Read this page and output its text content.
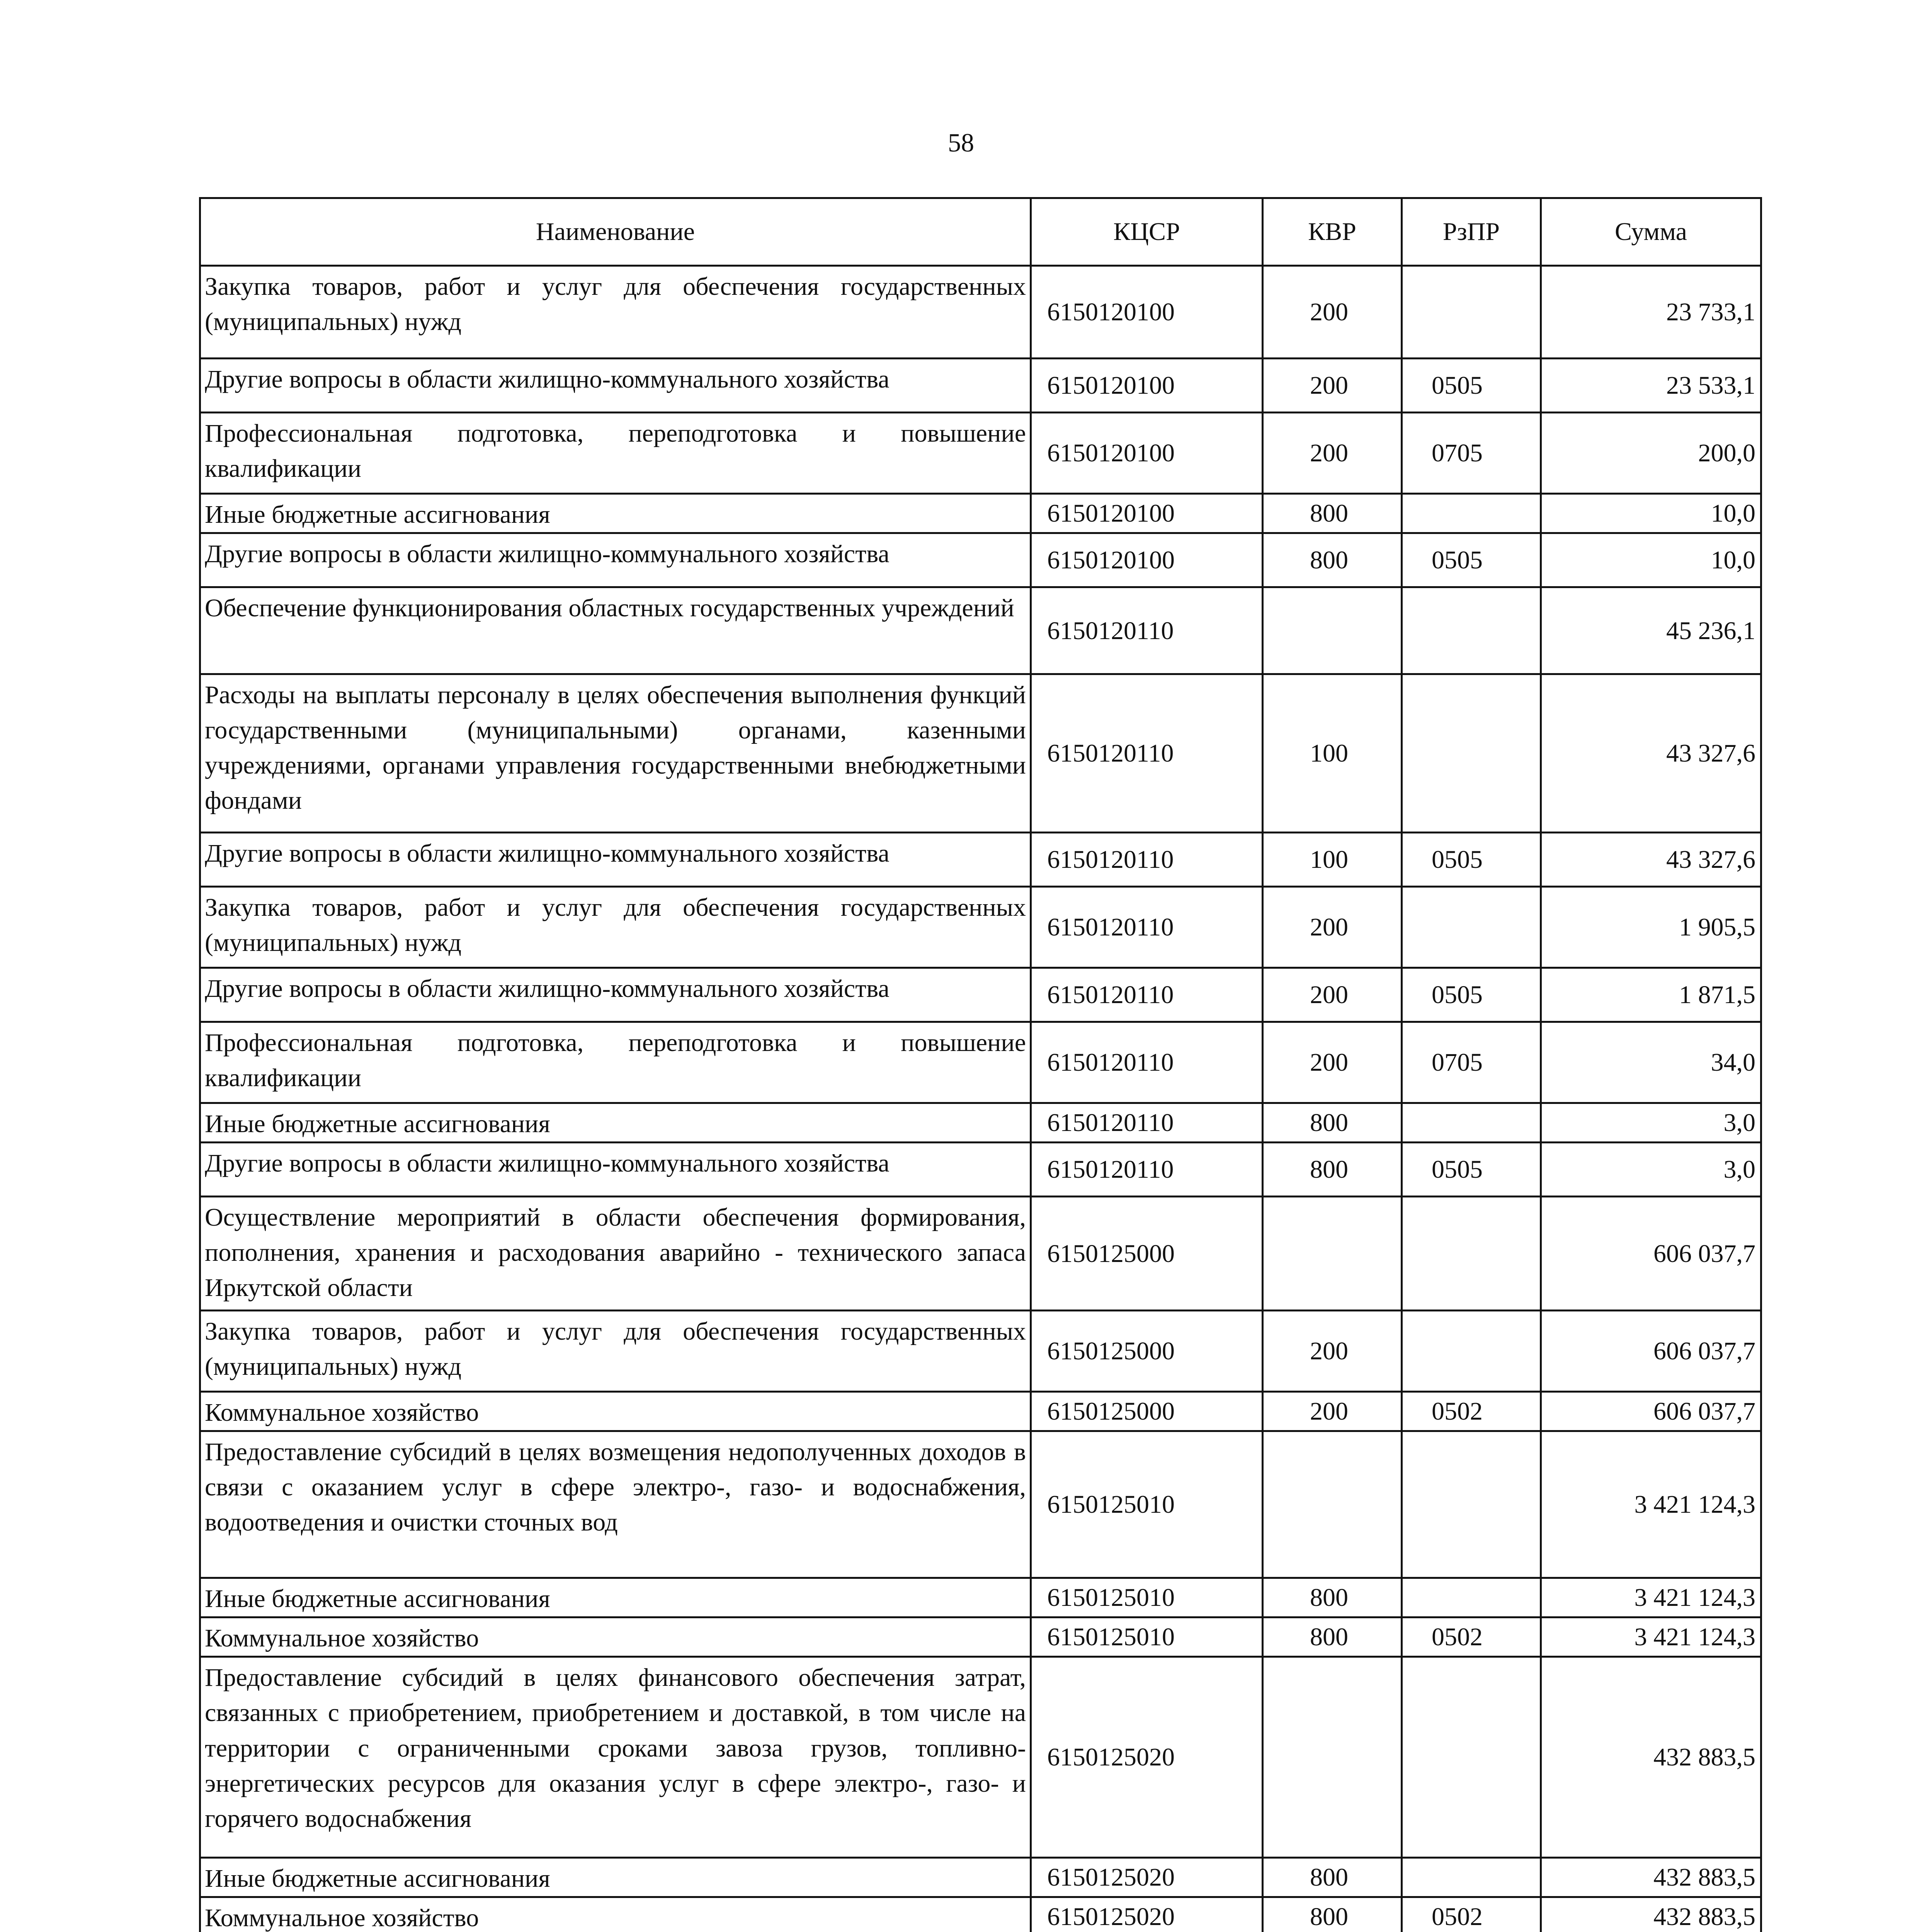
58
Наименование	КЦСР	КВР	РзПР	Сумма
Закупка товаров, работ и услуг для обеспечения государственных (муниципальных) нужд	6150120100	200		23 733,1
Другие вопросы в области жилищно-коммунального хозяйства	6150120100	200	0505	23 533,1
Профессиональная подготовка, переподготовка и повышение квалификации	6150120100	200	0705	200,0
Иные бюджетные ассигнования	6150120100	800		10,0
Другие вопросы в области жилищно-коммунального хозяйства	6150120100	800	0505	10,0
Обеспечение функционирования областных государственных учреждений	6150120110			45 236,1
Расходы на выплаты персоналу в целях обеспечения выполнения функций государственными (муниципальными) органами, казенными учреждениями, органами управления государственными внебюджетными фондами	6150120110	100		43 327,6
Другие вопросы в области жилищно-коммунального хозяйства	6150120110	100	0505	43 327,6
Закупка товаров, работ и услуг для обеспечения государственных (муниципальных) нужд	6150120110	200		1 905,5
Другие вопросы в области жилищно-коммунального хозяйства	6150120110	200	0505	1 871,5
Профессиональная подготовка, переподготовка и повышение квалификации	6150120110	200	0705	34,0
Иные бюджетные ассигнования	6150120110	800		3,0
Другие вопросы в области жилищно-коммунального хозяйства	6150120110	800	0505	3,0
Осуществление мероприятий в области обеспечения формирования, пополнения, хранения и расходования аварийно - технического запаса Иркутской области	6150125000			606 037,7
Закупка товаров, работ и услуг для обеспечения государственных (муниципальных) нужд	6150125000	200		606 037,7
Коммунальное хозяйство	6150125000	200	0502	606 037,7
Предоставление субсидий в целях возмещения недополученных доходов в связи с оказанием услуг в сфере электро-, газо- и водоснабжения, водоотведения и очистки сточных вод	6150125010			3 421 124,3
Иные бюджетные ассигнования	6150125010	800		3 421 124,3
Коммунальное хозяйство	6150125010	800	0502	3 421 124,3
Предоставление субсидий в целях финансового обеспечения затрат, связанных с приобретением, приобретением и доставкой, в том числе на территории с ограниченными сроками завоза грузов, топливно-энергетических ресурсов для оказания услуг в сфере электро-, газо- и горячего водоснабжения	6150125020			432 883,5
Иные бюджетные ассигнования	6150125020	800		432 883,5
Коммунальное хозяйство	6150125020	800	0502	432 883,5
